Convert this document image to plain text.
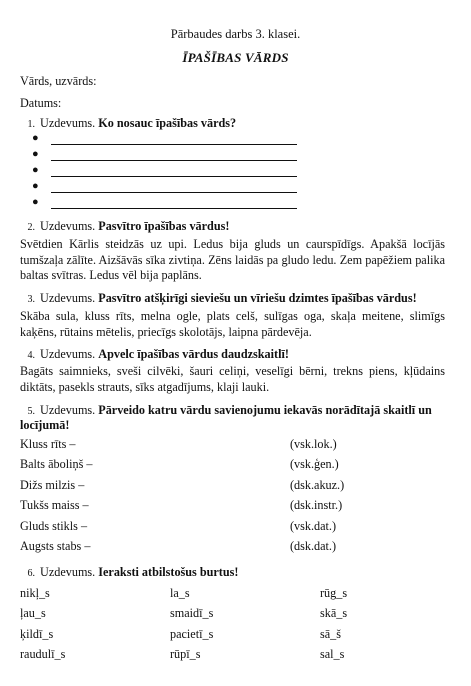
Pārbaudes darbs 3. klasei.
ĪPAŠĪBAS VĀRDS
Vārds, uzvārds:
Datums:
1. Uzdevums. Ko nosauc īpašības vārds?
●
●
●
●
●
2. Uzdevums. Pasvītro īpašības vārdus!
Svētdien Kārlis steidzās uz upi. Ledus bija gluds un caurspīdīgs. Apakšā locījās tumšzaļa zālīte. Aizšāvās sīka zivtiņa. Zēns laidās pa gludo ledu. Zem papēžiem palika baltas svītras. Ledus vēl bija paplāns.
3. Uzdevums. Pasvītro atšķirīgi sieviešu un vīriešu dzimtes īpašības vārdus!
Skāba sula, kluss rīts, melna ogle, plats celš, sulīgas oga, skaļa meitene, slimīgs kaķēns, rūtains mētelis, priecīgs skolotājs, laipna pārdevēja.
4. Uzdevums. Apvelc īpašības vārdus daudzskaitlī!
Bagāts saimnieks, sveši cilvēki, šauri celiņi, veselīgi bērni, trekns piens, kļūdains diktāts, pasekls strauts, sīks atgadījums, klaji lauki.
5. Uzdevums. Pārveido katru vārdu savienojumu iekavās norādītajā skaitlī un
locījumā!
Kluss rīts –	(vsk.lok.)
Balts āboliņš –	(vsk.ģen.)
Dižs milzis –	(dsk.akuz.)
Tukšs maiss –	(dsk.instr.)
Gluds stikls –	(vsk.dat.)
Augsts stabs –	(dsk.dat.)
6. Uzdevums. Ieraksti atbilstošus burtus!
nikļ_s	la_s	rūg_s
ļau_s	smaidī_s	skā_s
ķildī_s	pacietī_s	sā_š
raudulī_s	rūpī_s	sal_s
